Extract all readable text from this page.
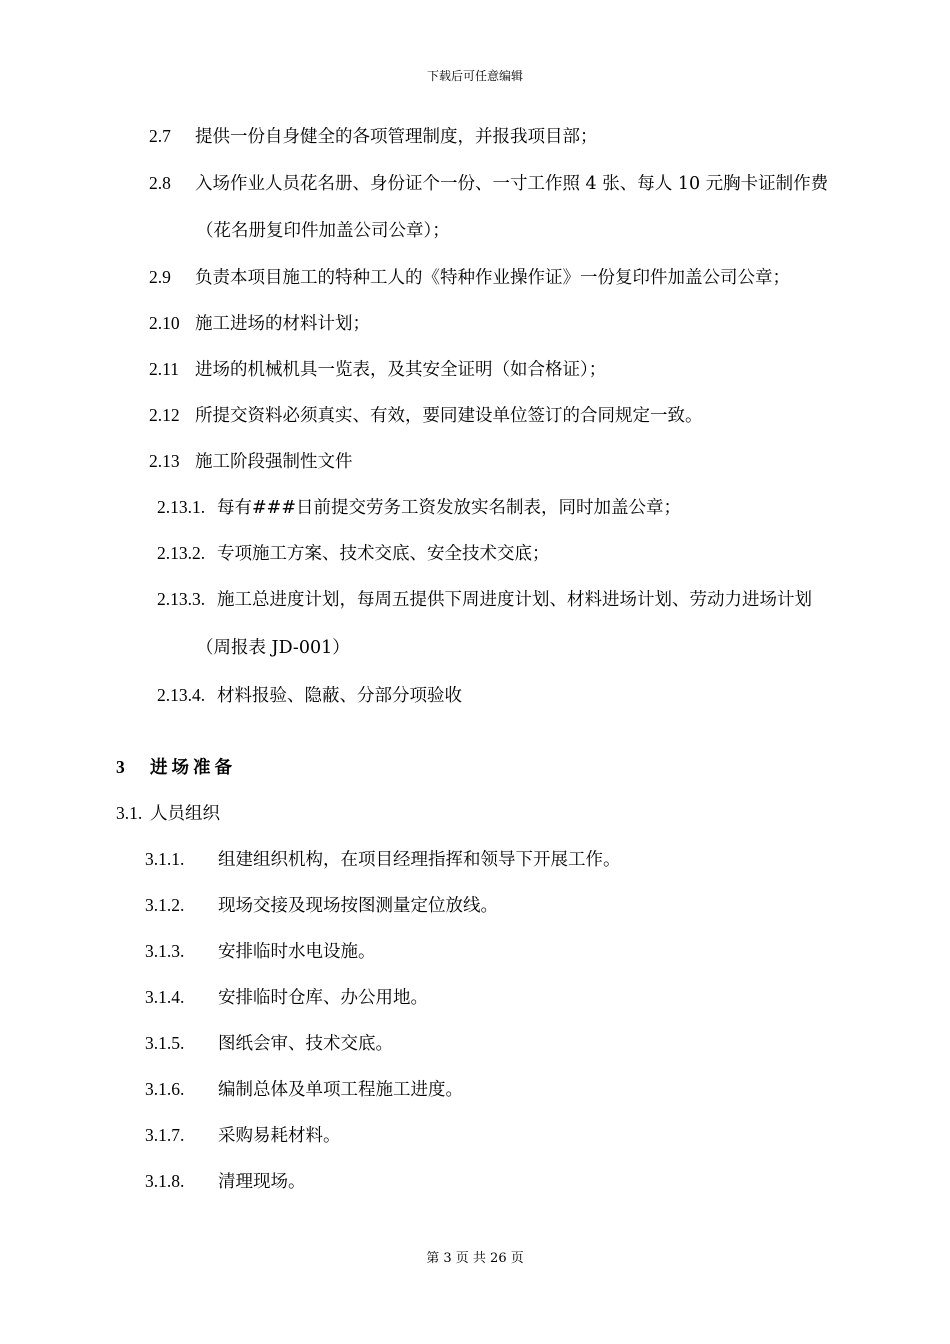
下载后可任意编辑
2.7 提供一份自身健全的各项管理制度，并报我项目部；
2.8 入场作业人员花名册、身份证个一份、一寸工作照 4 张、每人 10 元胸卡证制作费
（花名册复印件加盖公司公章）；
2.9 负责本项目施工的特种工人的《特种作业操作证》一份复印件加盖公司公章；
2.10 施工进场的材料计划；
2.11 进场的机械机具一览表，及其安全证明（如合格证）；
2.12 所提交资料必须真实、有效，要同建设单位签订的合同规定一致。
2.13 施工阶段强制性文件
2.13.1. 每有###日前提交劳务工资发放实名制表，同时加盖公章；
2.13.2. 专项施工方案、技术交底、安全技术交底；
2.13.3. 施工总进度计划，每周五提供下周进度计划、材料进场计划、劳动力进场计划
（周报表 JD-001）
2.13.4. 材料报验、隐蔽、分部分项验收
3 进场准备
3.1. 人员组织
3.1.1. 组建组织机构，在项目经理指挥和领导下开展工作。
3.1.2. 现场交接及现场按图测量定位放线。
3.1.3. 安排临时水电设施。
3.1.4. 安排临时仓库、办公用地。
3.1.5. 图纸会审、技术交底。
3.1.6. 编制总体及单项工程施工进度。
3.1.7. 采购易耗材料。
3.1.8. 清理现场。
第 3 页 共 26 页
